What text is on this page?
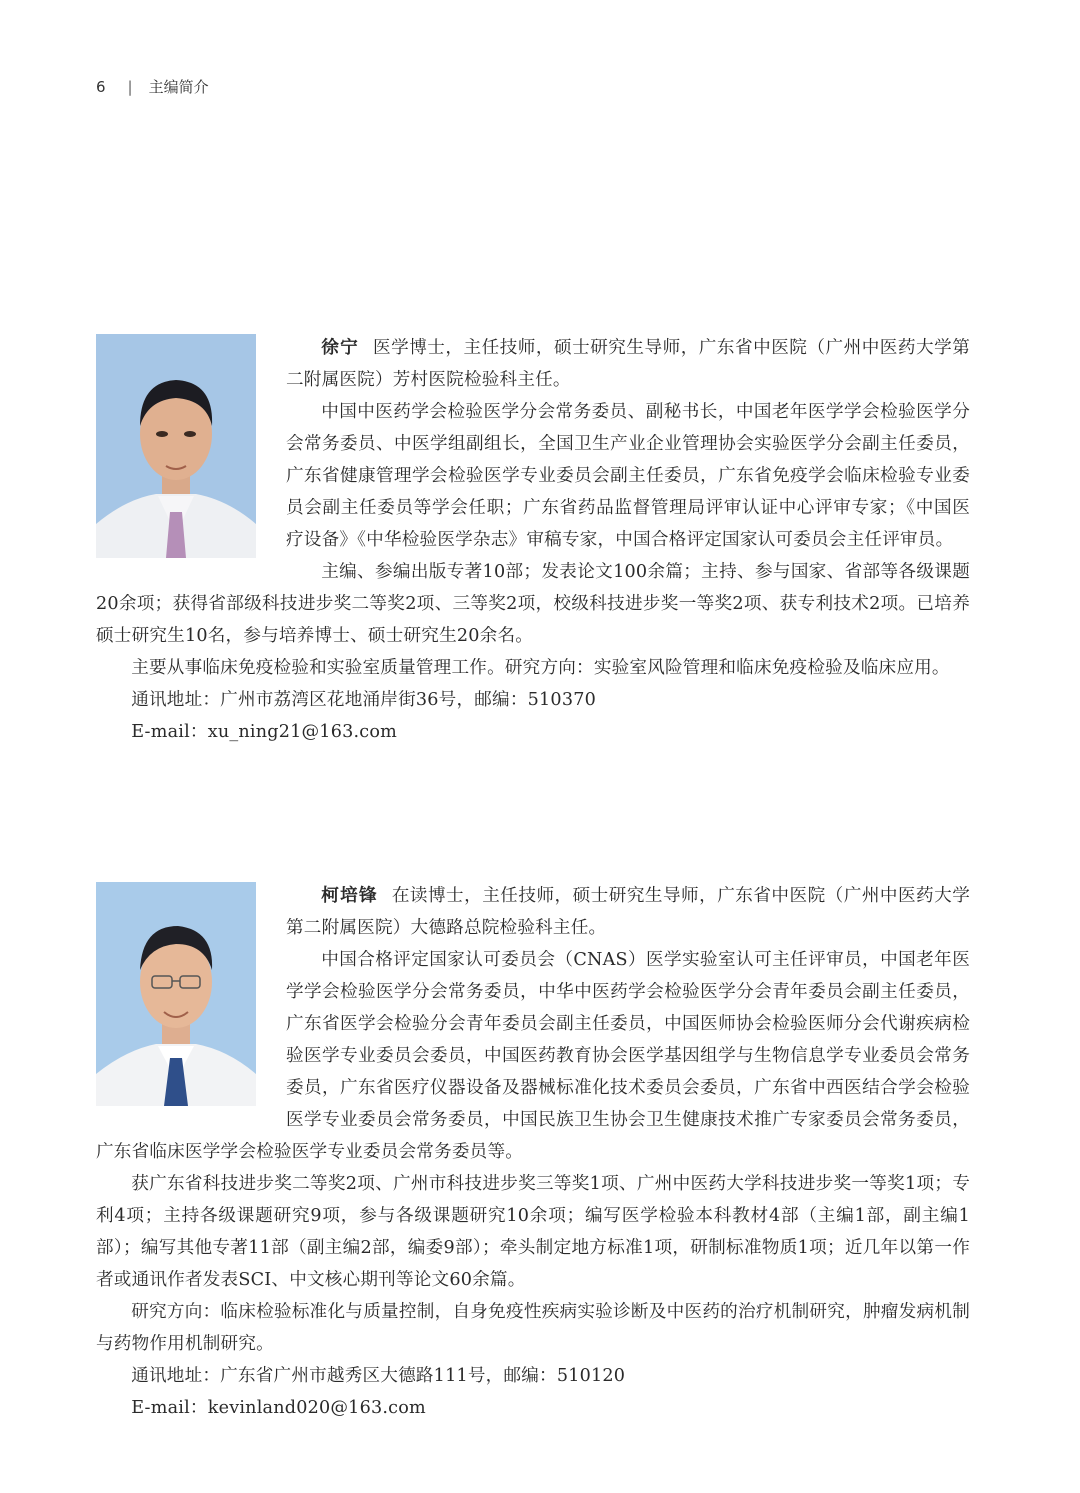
6 | 主编简介

徐宁 医学博士，主任技师，硕士研究生导师，广东省中医院（广州中医药大学第二附属医院）芳村医院检验科主任。

中国中医药学会检验医学分会常务委员、副秘书长，中国老年医学学会检验医学分会常务委员、中医学组副组长，全国卫生产业企业管理协会实验医学分会副主任委员，广东省健康管理学会检验医学专业委员会副主任委员，广东省免疫学会临床检验专业委员会副主任委员等学会任职；广东省药品监督管理局评审认证中心评审专家；《中国医疗设备》《中华检验医学杂志》审稿专家，中国合格评定国家认可委员会主任评审员。

主编、参编出版专著10部；发表论文100余篇；主持、参与国家、省部等各级课题20余项；获得省部级科技进步奖二等奖2项、三等奖2项，校级科技进步奖一等奖2项、获专利技术2项。已培养硕士研究生10名，参与培养博士、硕士研究生20余名。

主要从事临床免疫检验和实验室质量管理工作。研究方向：实验室风险管理和临床免疫检验及临床应用。

通讯地址：广州市荔湾区花地涌岸街36号，邮编：510370

E-mail：xu_ning21@163.com

柯培锋 在读博士，主任技师，硕士研究生导师，广东省中医院（广州中医药大学第二附属医院）大德路总院检验科主任。

中国合格评定国家认可委员会（CNAS）医学实验室认可主任评审员，中国老年医学学会检验医学分会常务委员，中华中医药学会检验医学分会青年委员会副主任委员，广东省医学会检验分会青年委员会副主任委员，中国医师协会检验医师分会代谢疾病检验医学专业委员会委员，中国医药教育协会医学基因组学与生物信息学专业委员会常务委员，广东省医疗仪器设备及器械标准化技术委员会委员，广东省中西医结合学会检验医学专业委员会常务委员，中国民族卫生协会卫生健康技术推广专家委员会常务委员，广东省临床医学学会检验医学专业委员会常务委员等。

获广东省科技进步奖二等奖2项、广州市科技进步奖三等奖1项、广州中医药大学科技进步奖一等奖1项；专利4项；主持各级课题研究9项，参与各级课题研究10余项；编写医学检验本科教材4部（主编1部，副主编1部）；编写其他专著11部（副主编2部，编委9部）；牵头制定地方标准1项，研制标准物质1项；近几年以第一作者或通讯作者发表SCI、中文核心期刊等论文60余篇。

研究方向：临床检验标准化与质量控制，自身免疫性疾病实验诊断及中医药的治疗机制研究，肿瘤发病机制与药物作用机制研究。

通讯地址：广东省广州市越秀区大德路111号，邮编：510120

E-mail：kevinland020@163.com
